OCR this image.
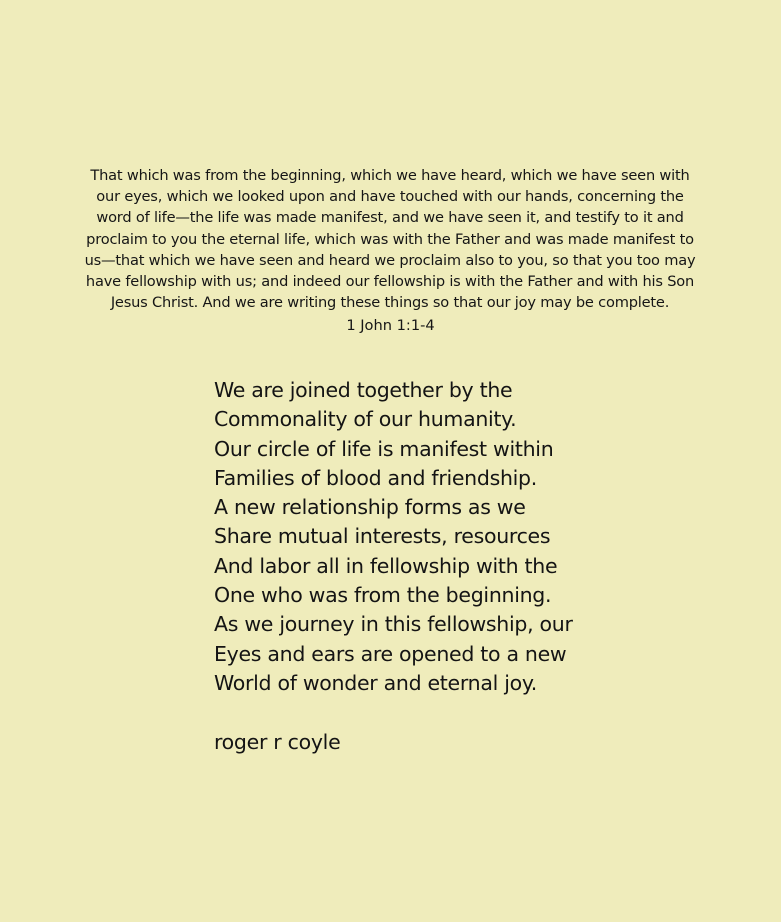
That which was from the beginning, which we have heard, which we have seen with
our eyes, which we looked upon and have touched with our hands, concerning the
word of life—the life was made manifest, and we have seen it, and testify to it and
proclaim to you the eternal life, which was with the Father and was made manifest to
us—that which we have seen and heard we proclaim also to you, so that you too may
have fellowship with us; and indeed our fellowship is with the Father and with his Son
Jesus Christ. And we are writing these things so that our joy may be complete.
1 John 1:1-4
We are joined together by the
Commonality of our humanity.
Our circle of life is manifest within
Families of blood and friendship.
A new relationship forms as we
Share mutual interests, resources
And labor all in fellowship with the
One who was from the beginning.
As we journey in this fellowship, our
Eyes and ears are opened to a new
World of wonder and eternal joy.
roger r coyle
